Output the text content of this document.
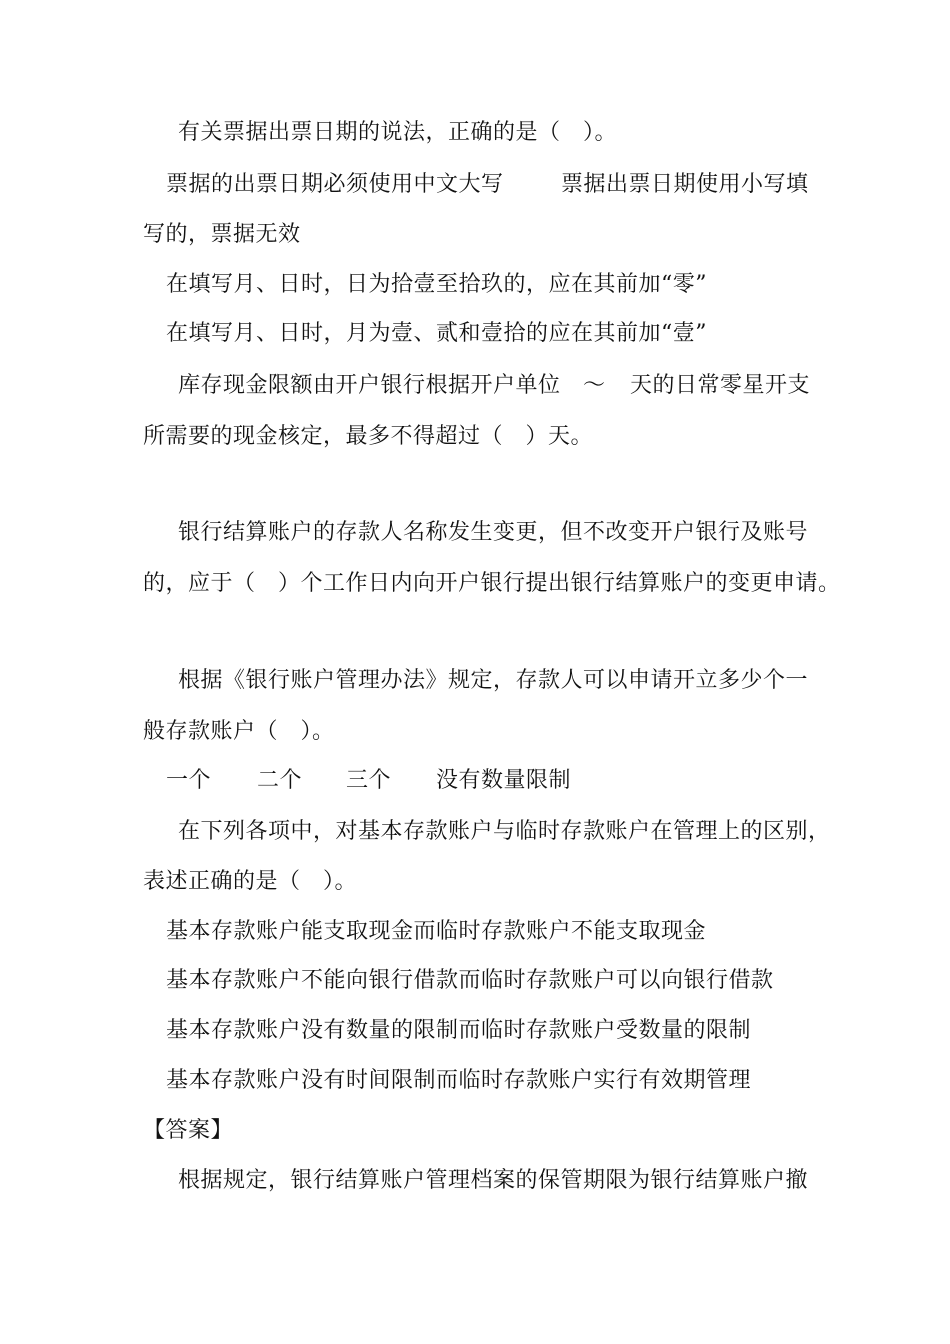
有关票据出票日期的说法，正确的是（　）。
票据的出票日期必须使用中文大写	票据出票日期使用小写填
写的，票据无效
在填写月、日时，日为拾壹至拾玖的，应在其前加“零”
在填写月、日时，月为壹、贰和壹拾的应在其前加“壹”
库存现金限额由开户银行根据开户单位 ～ 天的日常零星开支
所需要的现金核定，最多不得超过（　）天。
银行结算账户的存款人名称发生变更，但不改变开户银行及账号
的，应于（　）个工作日内向开户银行提出银行结算账户的变更申请。
根据《银行账户管理办法》规定，存款人可以申请开立多少个一
般存款账户（　）。
一个 二个 三个 没有数量限制
在下列各项中，对基本存款账户与临时存款账户在管理上的区别，
表述正确的是（　）。
基本存款账户能支取现金而临时存款账户不能支取现金
基本存款账户不能向银行借款而临时存款账户可以向银行借款
基本存款账户没有数量的限制而临时存款账户受数量的限制
基本存款账户没有时间限制而临时存款账户实行有效期管理
【答案】
根据规定，银行结算账户管理档案的保管期限为银行结算账户撤
